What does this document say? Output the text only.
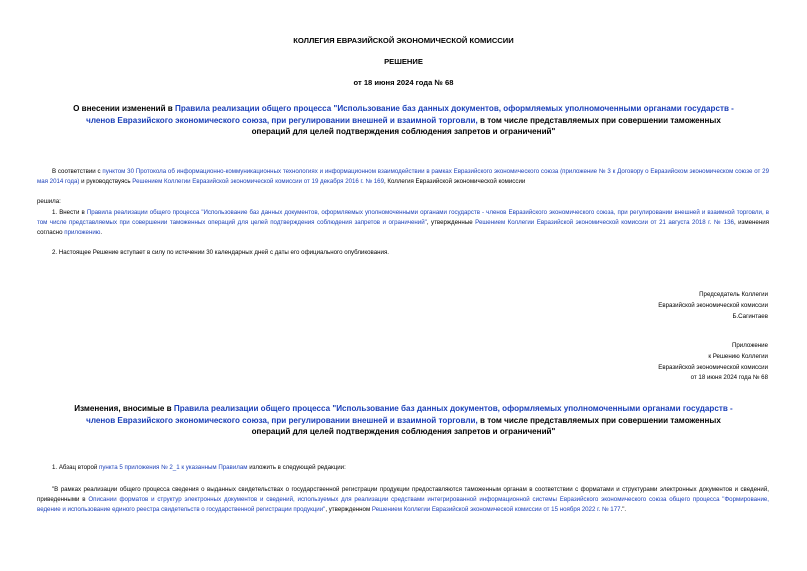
КОЛЛЕГИЯ ЕВРАЗИЙСКОЙ ЭКОНОМИЧЕСКОЙ КОМИССИИ
РЕШЕНИЕ
от 18 июня 2024 года № 68
О внесении изменений в Правила реализации общего процесса "Использование баз данных документов, оформляемых уполномоченными органами государств -
членов Евразийского экономического союза, при регулировании внешней и взаимной торговли, в том числе представляемых при совершении таможенных
операций для целей подтверждения соблюдения запретов и ограничений"
В соответствии с пунктом 30 Протокола об информационно-коммуникационных технологиях и информационном взаимодействии в рамках Евразийского экономического союза (приложение № 3 к Договору о Евразийском экономическом союзе от 29 мая 2014 года) и руководствуясь Решением Коллегии Евразийской экономической комиссии от 19 декабря 2016 г. № 169, Коллегия Евразийской экономической комиссии
решила:
1. Внести в Правила реализации общего процесса "Использование баз данных документов, оформляемых уполномоченными органами государств - членов Евразийского экономического союза, при регулировании внешней и взаимной торговли, в том числе представляемых при совершении таможенных операций для целей подтверждения соблюдения запретов и ограничений", утвержденные Решением Коллегии Евразийской экономической комиссии от 21 августа 2018 г. № 136, изменения согласно приложению.
2. Настоящее Решение вступает в силу по истечении 30 календарных дней с даты его официального опубликования.
Председатель Коллегии
Евразийской экономической комиссии
Б.Сагинтаев
Приложение
к Решению Коллегии
Евразийской экономической комиссии
от 18 июня 2024 года № 68
Изменения, вносимые в Правила реализации общего процесса "Использование баз данных документов, оформляемых уполномоченными органами государств -
членов Евразийского экономического союза, при регулировании внешней и взаимной торговли, в том числе представляемых при совершении таможенных
операций для целей подтверждения соблюдения запретов и ограничений"
1. Абзац второй пункта 5 приложения № 2_1 к указанным Правилам изложить в следующей редакции:
"В рамках реализации общего процесса сведения о выданных свидетельствах о государственной регистрации продукции предоставляются таможенным органам в соответствии с форматами и структурами электронных документов и сведений, приведенными в Описании форматов и структур электронных документов и сведений, используемых для реализации средствами интегрированной информационной системы Евразийского экономического союза общего процесса "Формирование, ведение и использование единого реестра свидетельств о государственной регистрации продукции", утвержденном Решением Коллегии Евразийской экономической комиссии от 15 ноября 2022 г. № 177.".
